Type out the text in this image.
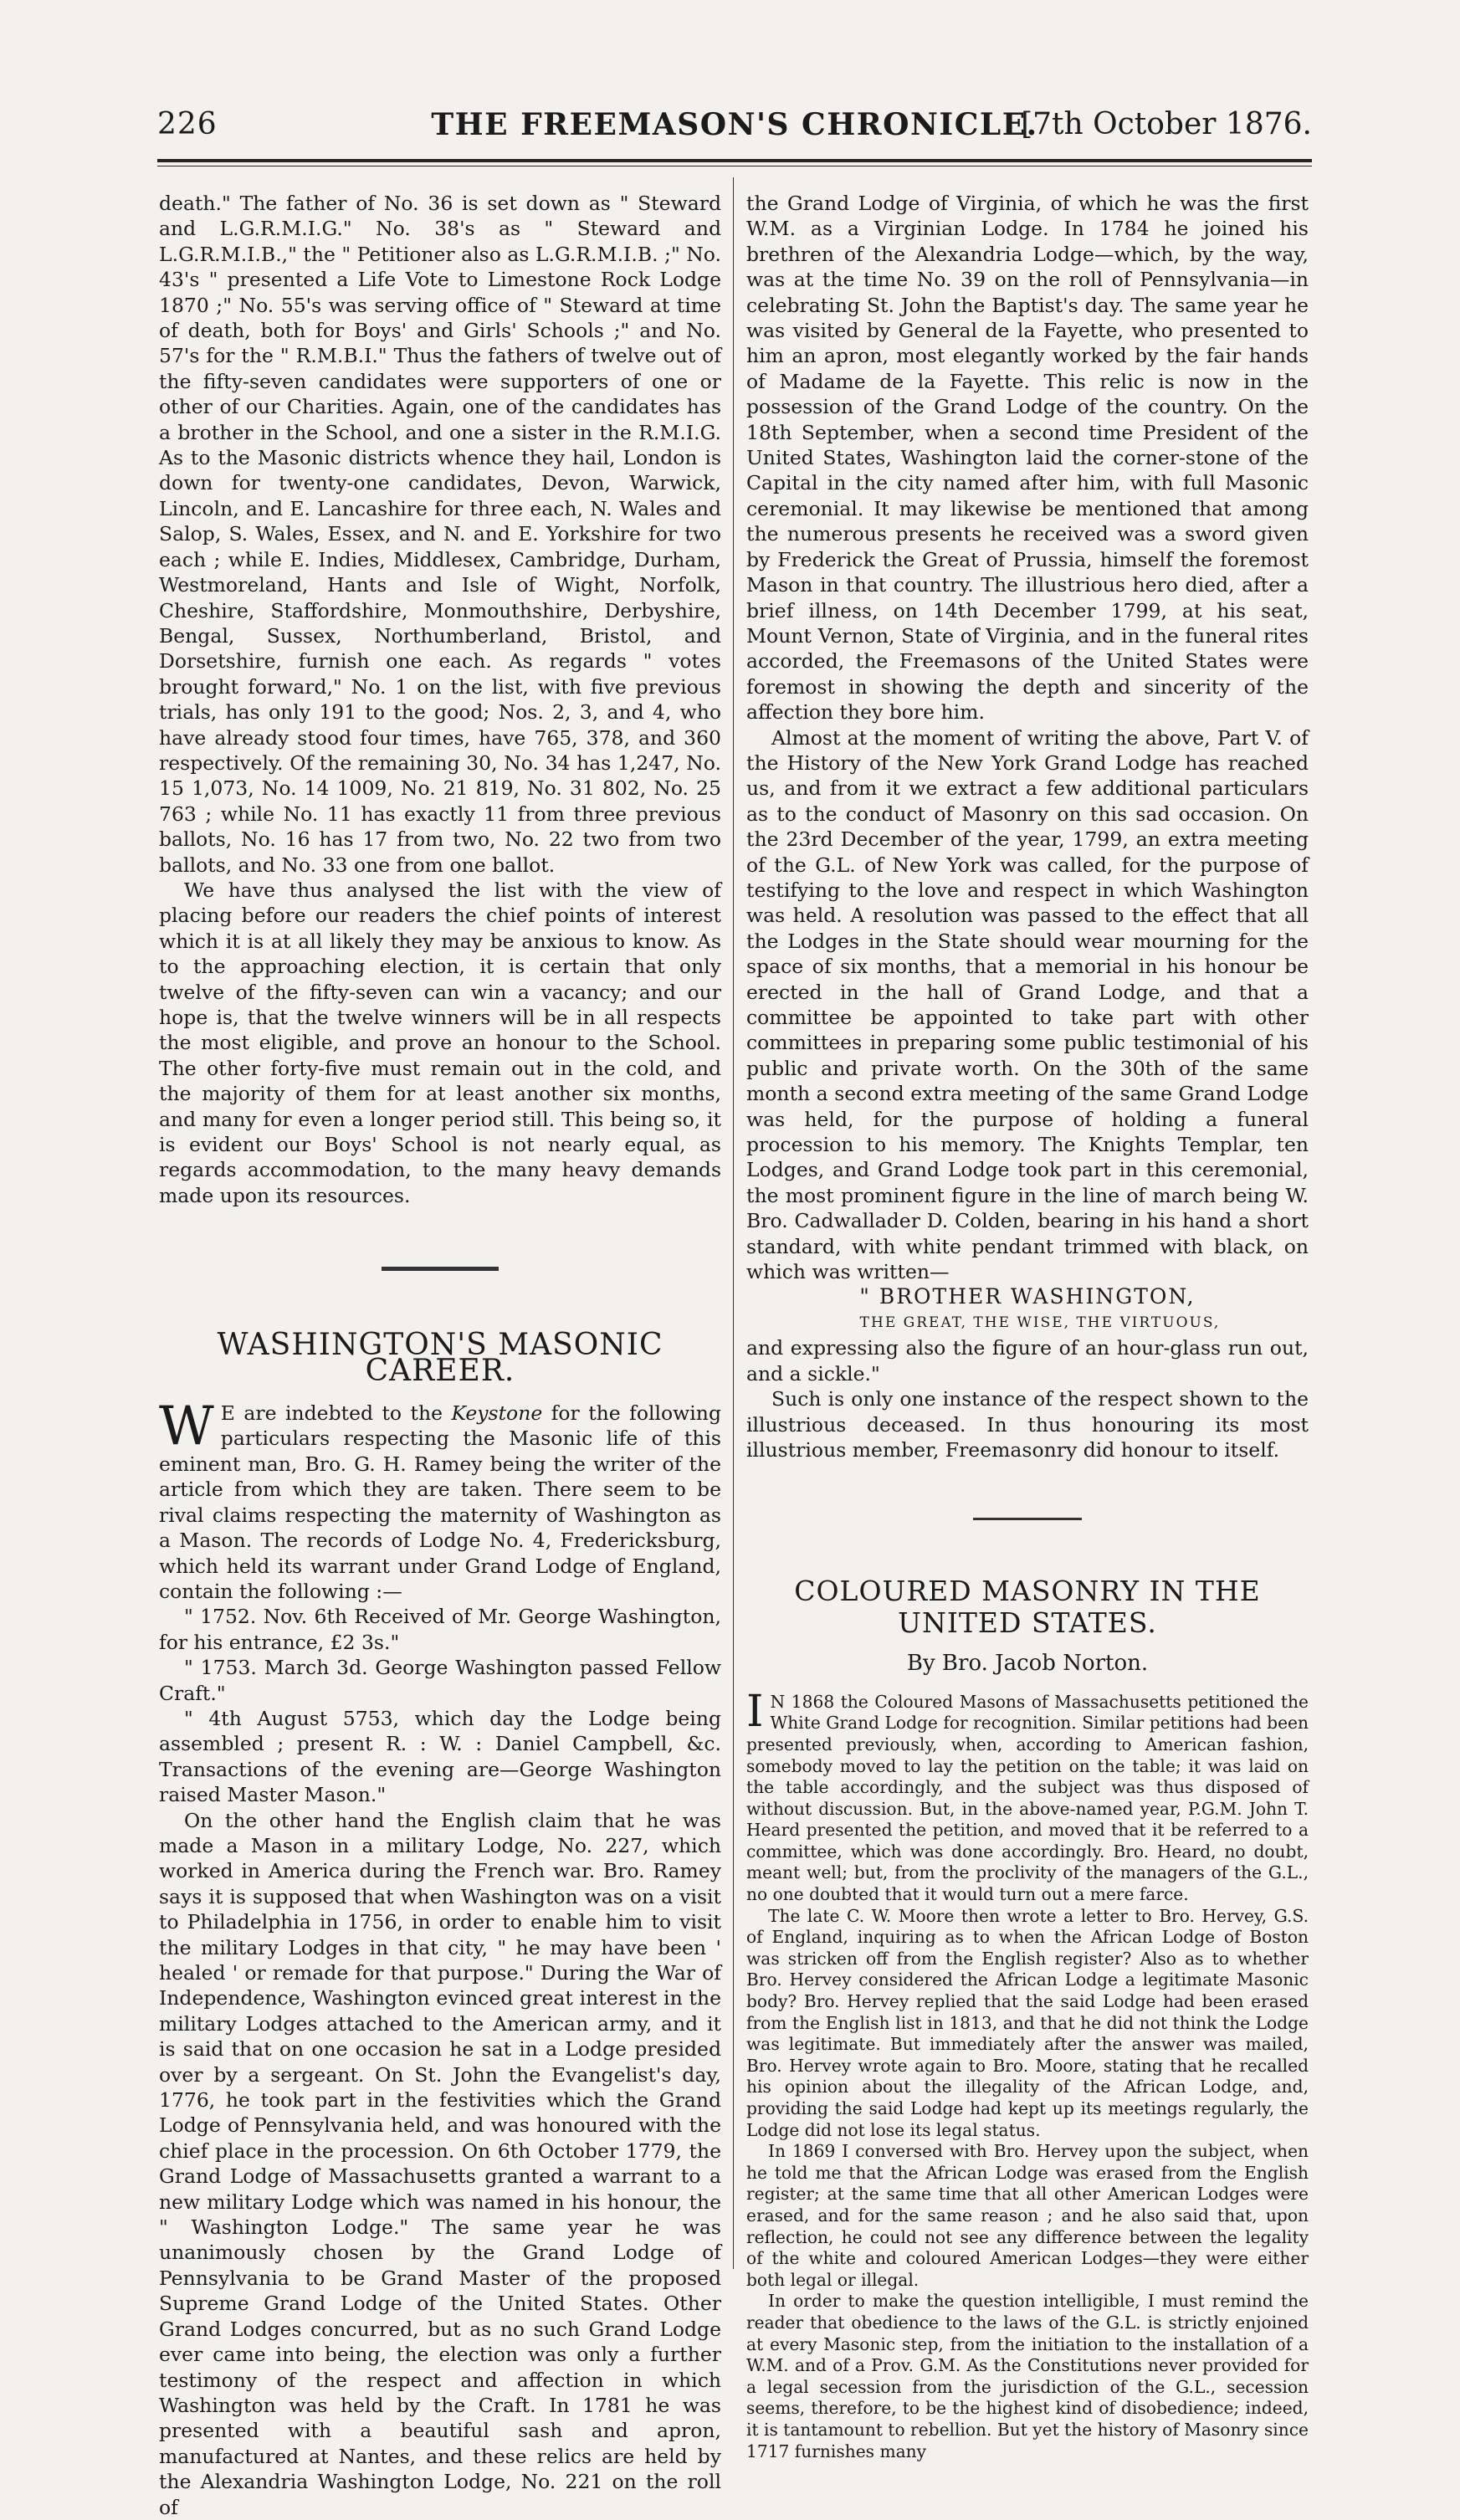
226	THE FREEMASON'S CHRONICLE.
[7th October 1876.

death." The father of No. 36 is set down as " Steward and L.G.R.M.I.G." No. 38's as " Steward and L.G.R.M.I.B.," the " Petitioner also as L.G.R.M.I.B. ;" No. 43's " presented a Life Vote to Limestone Rock Lodge 1870 ;" No. 55's was serving office of " Steward at time of death, both for Boys' and Girls' Schools ;" and No. 57's for the " R.M.B.I." Thus the fathers of twelve out of the fifty-seven candidates were supporters of one or other of our Charities. Again, one of the candidates has a brother in the School, and one a sister in the R.M.I.G. As to the Masonic districts whence they hail, London is down for twenty-one candidates, Devon, Warwick, Lincoln, and E. Lancashire for three each, N. Wales and Salop, S. Wales, Essex, and N. and E. Yorkshire for two each ; while E. Indies, Middlesex, Cambridge, Durham, Westmoreland, Hants and Isle of Wight, Norfolk, Cheshire, Staffordshire, Monmouthshire, Derbyshire, Bengal, Sussex, Northumberland, Bristol, and Dorsetshire, furnish one each. As regards " votes brought forward," No. 1 on the list, with five previous trials, has only 191 to the good; Nos. 2, 3, and 4, who have already stood four times, have 765, 378, and 360 respectively. Of the remaining 30, No. 34 has 1,247, No. 15 1,073, No. 14 1009, No. 21 819, No. 31 802, No. 25 763 ; while No. 11 has exactly 11 from three previous ballots, No. 16 has 17 from two, No. 22 two from two ballots, and No. 33 one from one ballot.

We have thus analysed the list with the view of placing before our readers the chief points of interest which it is at all likely they may be anxious to know. As to the approaching election, it is certain that only twelve of the fifty-seven can win a vacancy; and our hope is, that the twelve winners will be in all respects the most eligible, and prove an honour to the School. The other forty-five must remain out in the cold, and the majority of them for at least another six months, and many for even a longer period still. This being so, it is evident our Boys' School is not nearly equal, as regards accommodation, to the many heavy demands made upon its resources.

WASHINGTON'S MASONIC CAREER.

W E are indebted to the Keystone for the following particulars respecting the Masonic life of this eminent man, Bro. G. H. Ramey being the writer of the article from which they are taken. There seem to be rival claims respecting the maternity of Washington as a Mason. The records of Lodge No. 4, Fredericksburg, which held its warrant under Grand Lodge of England, contain the following :—

" 1752. Nov. 6th Received of Mr. George Washington, for his entrance, £2 3s."

" 1753. March 3d. George Washington passed Fellow Craft."

" 4th August 5753, which day the Lodge being assembled ; present R. : W. : Daniel Campbell, &c. Transactions of the evening are—George Washington raised Master Mason."

On the other hand the English claim that he was made a Mason in a military Lodge, No. 227, which worked in America during the French war. Bro. Ramey says it is supposed that when Washington was on a visit to Philadelphia in 1756, in order to enable him to visit the military Lodges in that city, " he may have been ' healed ' or remade for that purpose." During the War of Independence, Washington evinced great interest in the military Lodges attached to the American army, and it is said that on one occasion he sat in a Lodge presided over by a sergeant. On St. John the Evangelist's day, 1776, he took part in the festivities which the Grand Lodge of Pennsylvania held, and was honoured with the chief place in the procession. On 6th October 1779, the Grand Lodge of Massachusetts granted a warrant to a new military Lodge which was named in his honour, the " Washington Lodge." The same year he was unanimously chosen by the Grand Lodge of Pennsylvania to be Grand Master of the proposed Supreme Grand Lodge of the United States. Other Grand Lodges concurred, but as no such Grand Lodge ever came into being, the election was only a further testimony of the respect and affection in which Washington was held by the Craft. In 1781 he was presented with a beautiful sash and apron, manufactured at Nantes, and these relics are held by the Alexandria Washington Lodge, No. 221 on the roll of

the Grand Lodge of Virginia, of which he was the first W.M. as a Virginian Lodge. In 1784 he joined his brethren of the Alexandria Lodge—which, by the way, was at the time No. 39 on the roll of Pennsylvania—in celebrating St. John the Baptist's day. The same year he was visited by General de la Fayette, who presented to him an apron, most elegantly worked by the fair hands of Madame de la Fayette. This relic is now in the possession of the Grand Lodge of the country. On the 18th September, when a second time President of the United States, Washington laid the corner-stone of the Capital in the city named after him, with full Masonic ceremonial. It may likewise be mentioned that among the numerous presents he received was a sword given by Frederick the Great of Prussia, himself the foremost Mason in that country. The illustrious hero died, after a brief illness, on 14th December 1799, at his seat, Mount Vernon, State of Virginia, and in the funeral rites accorded, the Freemasons of the United States were foremost in showing the depth and sincerity of the affection they bore him.

Almost at the moment of writing the above, Part V. of the History of the New York Grand Lodge has reached us, and from it we extract a few additional particulars as to the conduct of Masonry on this sad occasion. On the 23rd December of the year, 1799, an extra meeting of the G.L. of New York was called, for the purpose of testifying to the love and respect in which Washington was held. A resolution was passed to the effect that all the Lodges in the State should wear mourning for the space of six months, that a memorial in his honour be erected in the hall of Grand Lodge, and that a committee be appointed to take part with other committees in preparing some public testimonial of his public and private worth. On the 30th of the same month a second extra meeting of the same Grand Lodge was held, for the purpose of holding a funeral procession to his memory. The Knights Templar, ten Lodges, and Grand Lodge took part in this ceremonial, the most prominent figure in the line of march being W. Bro. Cadwallader D. Colden, bearing in his hand a short standard, with white pendant trimmed with black, on which was written—

" BROTHER WASHINGTON,

THE GREAT, THE WISE, THE VIRTUOUS,

and expressing also the figure of an hour-glass run out, and a sickle."

Such is only one instance of the respect shown to the illustrious deceased. In thus honouring its most illustrious member, Freemasonry did honour to itself.

COLOURED MASONRY IN THE UNITED STATES.
By Bro. Jacob Norton.

I N 1868 the Coloured Masons of Massachusetts petitioned the White Grand Lodge for recognition. Similar petitions had been presented previously, when, according to American fashion, somebody moved to lay the petition on the table; it was laid on the table accordingly, and the subject was thus disposed of without discussion. But, in the above-named year, P.G.M. John T. Heard presented the petition, and moved that it be referred to a committee, which was done accordingly. Bro. Heard, no doubt, meant well; but, from the proclivity of the managers of the G.L., no one doubted that it would turn out a mere farce.

The late C. W. Moore then wrote a letter to Bro. Hervey, G.S. of England, inquiring as to when the African Lodge of Boston was stricken off from the English register? Also as to whether Bro. Hervey considered the African Lodge a legitimate Masonic body? Bro. Hervey replied that the said Lodge had been erased from the English list in 1813, and that he did not think the Lodge was legitimate. But immediately after the answer was mailed, Bro. Hervey wrote again to Bro. Moore, stating that he recalled his opinion about the illegality of the African Lodge, and, providing the said Lodge had kept up its meetings regularly, the Lodge did not lose its legal status.

In 1869 I conversed with Bro. Hervey upon the subject, when he told me that the African Lodge was erased from the English register; at the same time that all other American Lodges were erased, and for the same reason ; and he also said that, upon reflection, he could not see any difference between the legality of the white and coloured American Lodges—they were either both legal or illegal.

In order to make the question intelligible, I must remind the reader that obedience to the laws of the G.L. is strictly enjoined at every Masonic step, from the initiation to the installation of a W.M. and of a Prov. G.M. As the Constitutions never provided for a legal secession from the jurisdiction of the G.L., secession seems, therefore, to be the highest kind of disobedience; indeed, it is tantamount to rebellion. But yet the history of Masonry since 1717 furnishes many
